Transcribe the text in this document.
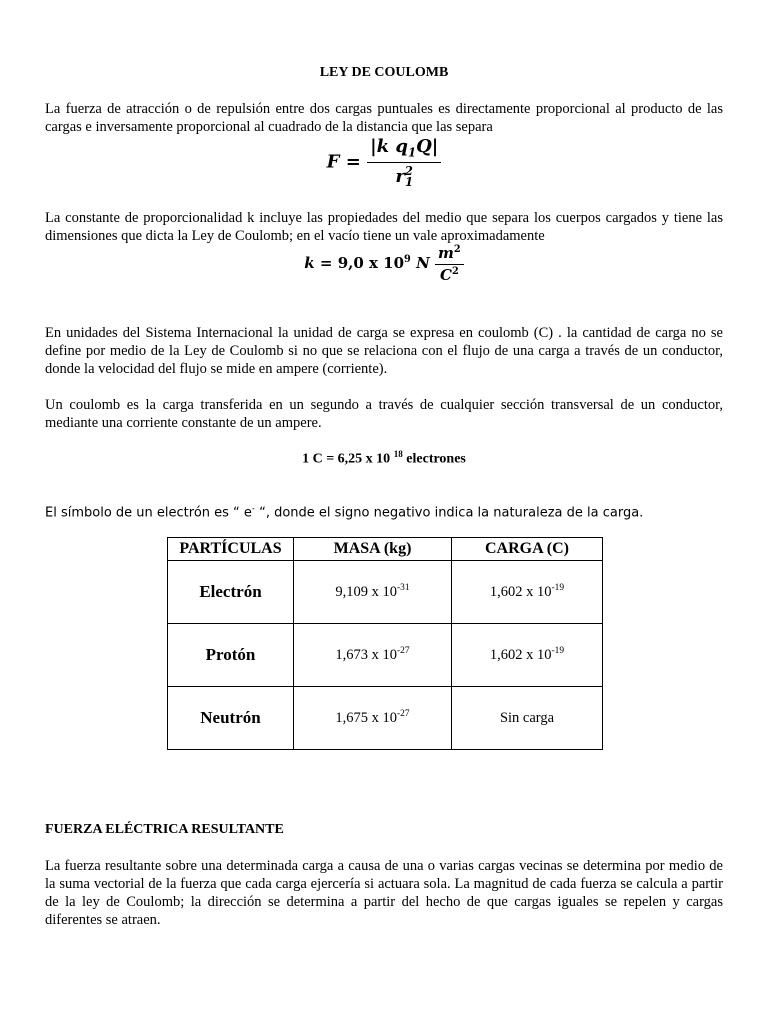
LEY DE COULOMB

La fuerza de atracción o de repulsión entre dos cargas puntuales es directamente proporcional al producto de las cargas e inversamente proporcional al cuadrado de la distancia que las separa

$F = \frac{|k q_1Q|}{r^2_1}$

La constante de proporcionalidad k incluye las propiedades del medio que separa los cuerpos cargados y tiene las dimensiones que dicta la Ley de Coulomb; en el vacío tiene un vale aproximadamente

k = 9,0 x $10^9$ N $\frac{m^2}{C^2}$

En unidades del Sistema Internacional la unidad de carga se expresa en coulomb (C) . la cantidad de carga no se define por medio de la Ley de Coulomb si no que se relaciona con el flujo de una carga a través de un conductor, donde la velocidad del flujo se mide en ampere (corriente).

Un coulomb es la carga transferida en un segundo a través de cualquier sección transversal de un conductor, mediante una corriente constante de un ampere.

1 C = 6,25 x 10 $^{18}$ electrones
El símbolo de un electrón es “ e- “, donde el signo negativo indica la naturaleza de la carga.
PARTÍCULAS	MASA (kg)	CARGA (C)
Electrón	9,109 x $10^{-31}$	1,602 x $10^{-19}$
Protón	1,673 x $10^{-27}$	1,602 x $10^{-19}$
Neutrón	1,675 x $10^{-27}$	Sin carga
FUERZA ELÉCTRICA RESULTANTE

La fuerza resultante sobre una determinada carga a causa de una o varias cargas vecinas se determina por medio de la suma vectorial de la fuerza que cada carga ejercería si actuara sola. La magnitud de cada fuerza se calcula a partir de la ley de Coulomb; la dirección se determina a partir del hecho de que cargas iguales se repelen y cargas diferentes se atraen.
